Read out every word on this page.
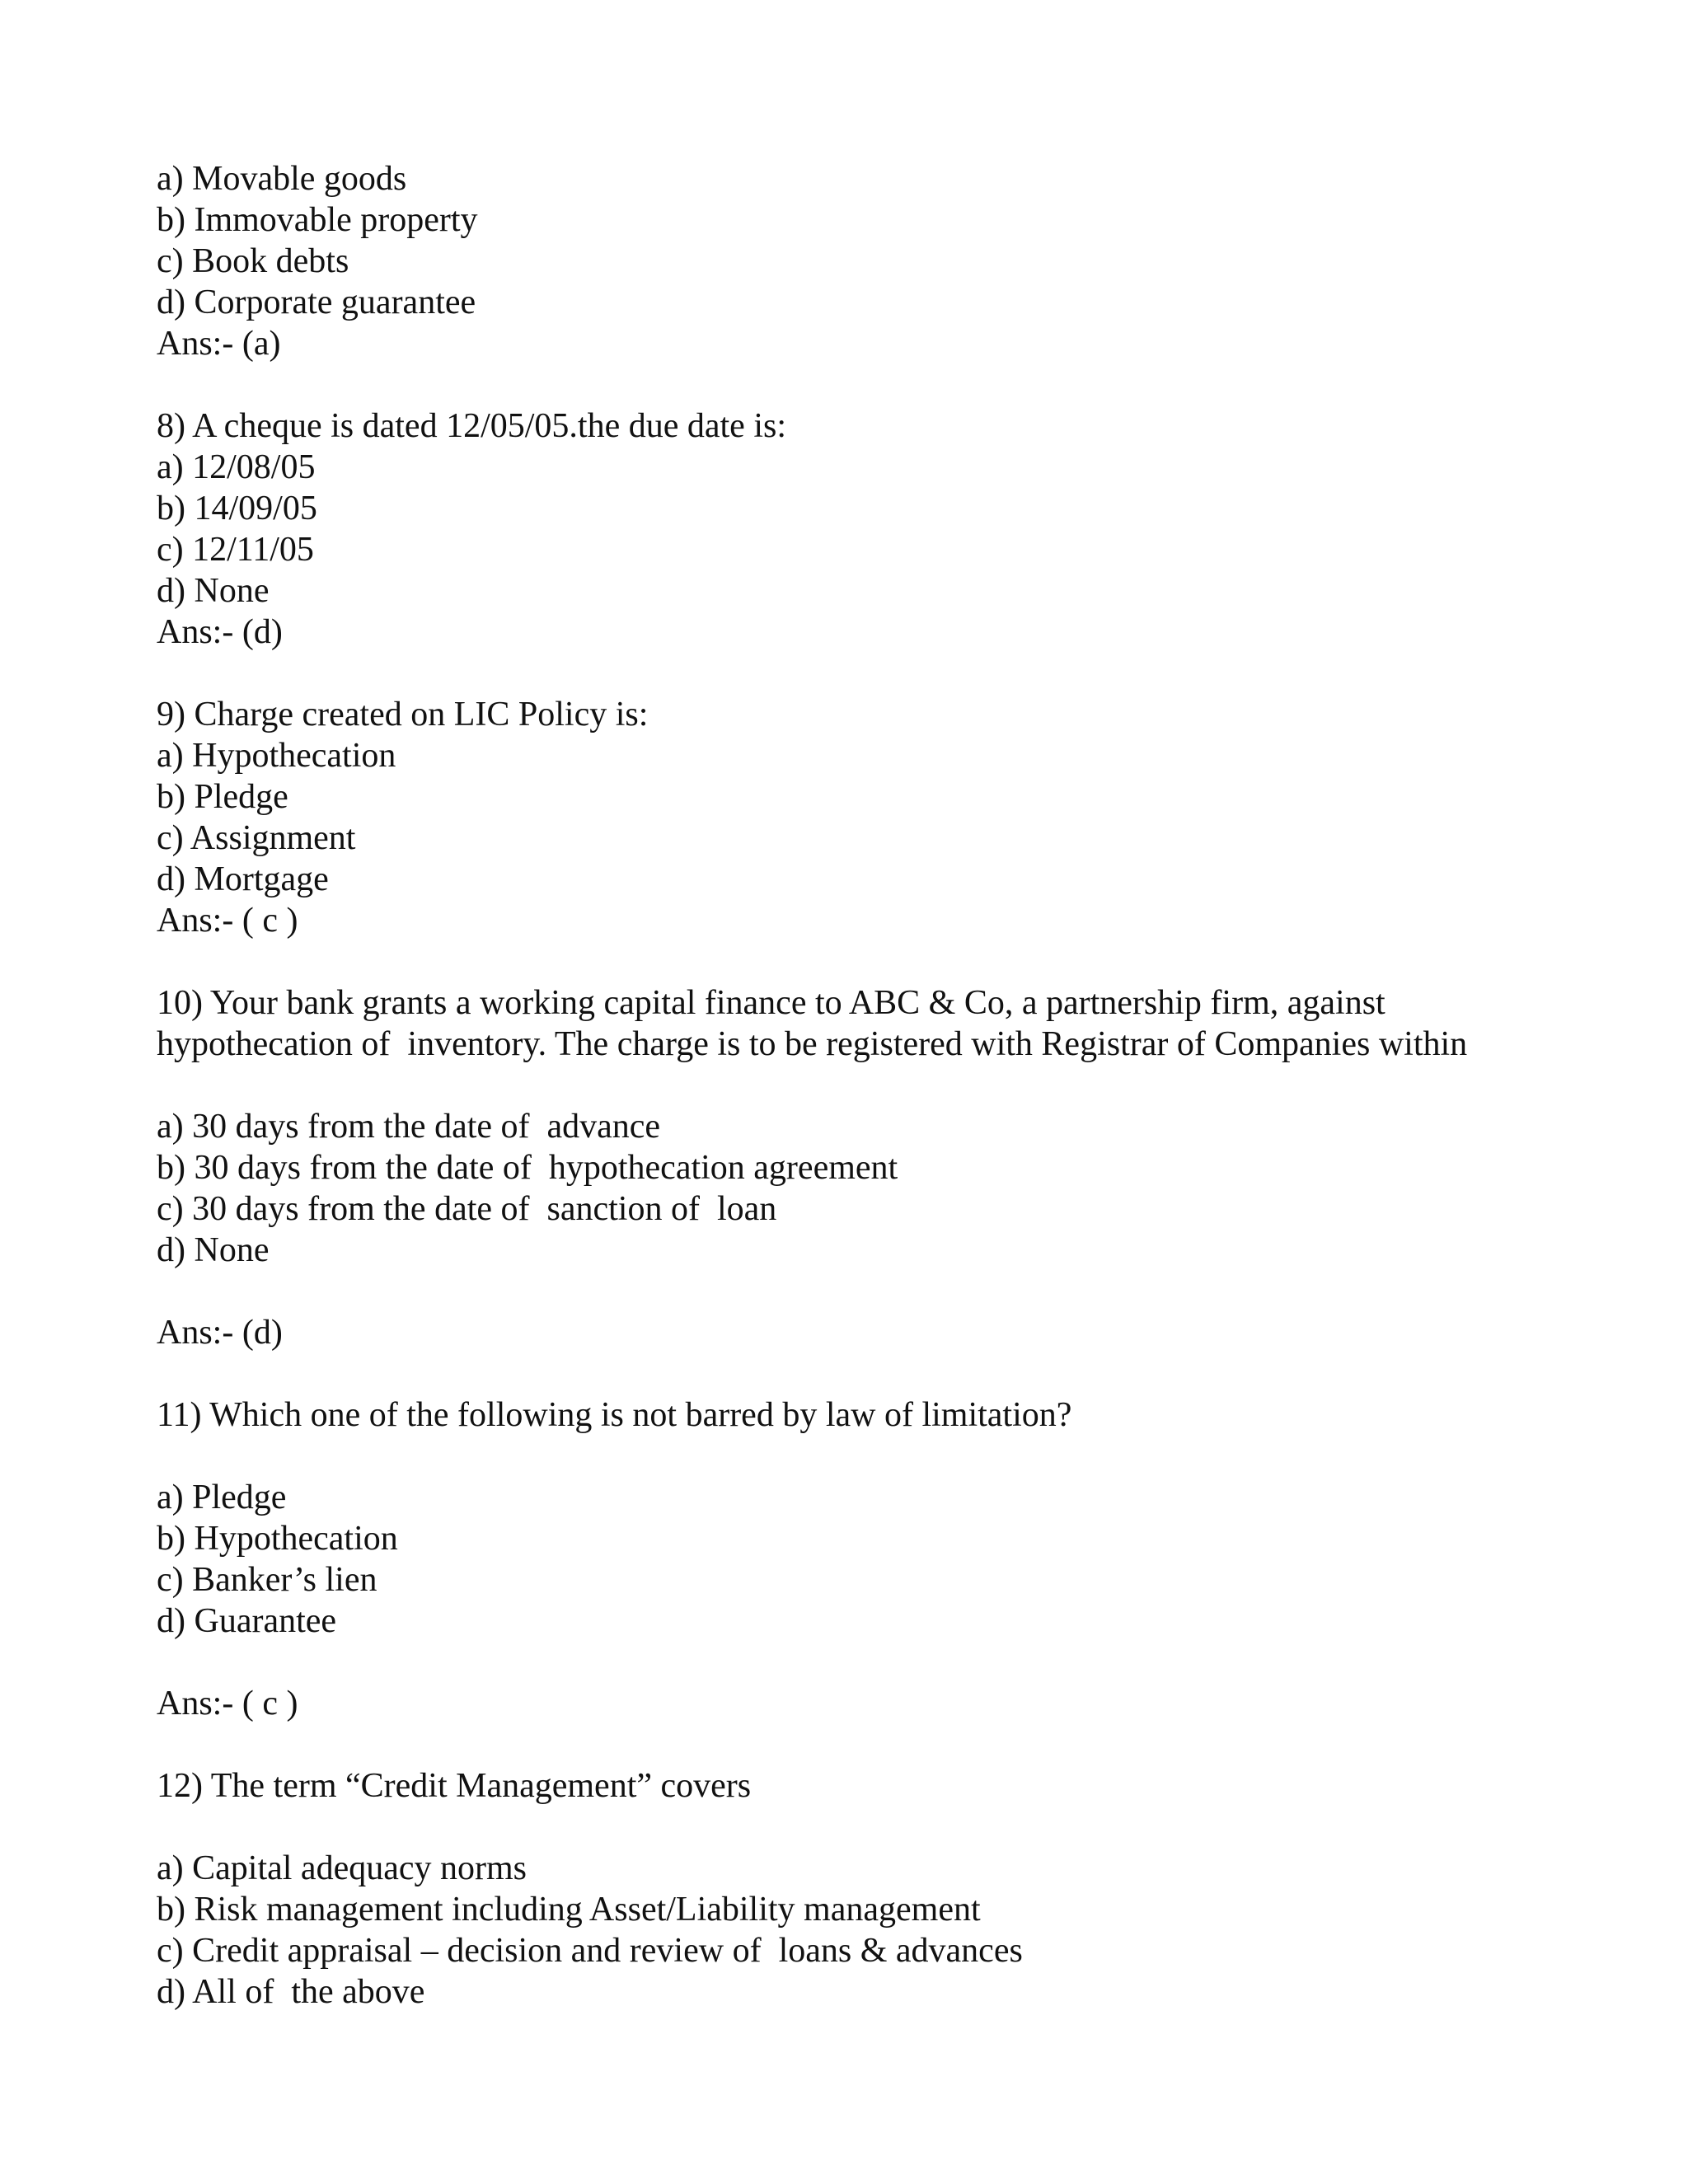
a) Movable goods
b) Immovable property
c) Book debts
d) Corporate guarantee
Ans:- (a)
8) A cheque is dated 12/05/05.the due date is:
a) 12/08/05
b) 14/09/05
c) 12/11/05
d) None
Ans:- (d)
9) Charge created on LIC Policy is:
a) Hypothecation
b) Pledge
c) Assignment
d) Mortgage
Ans:- ( c )
10) Your bank grants a working capital finance to ABC & Co, a partnership firm, against
hypothecation of  inventory. The charge is to be registered with Registrar of Companies within
a) 30 days from the date of  advance
b) 30 days from the date of  hypothecation agreement
c) 30 days from the date of  sanction of  loan
d) None
Ans:- (d)
11) Which one of the following is not barred by law of limitation?
a) Pledge
b) Hypothecation
c) Banker’s lien
d) Guarantee
Ans:- ( c )
12) The term “Credit Management” covers
a) Capital adequacy norms
b) Risk management including Asset/Liability management
c) Credit appraisal – decision and review of  loans & advances
d) All of  the above
